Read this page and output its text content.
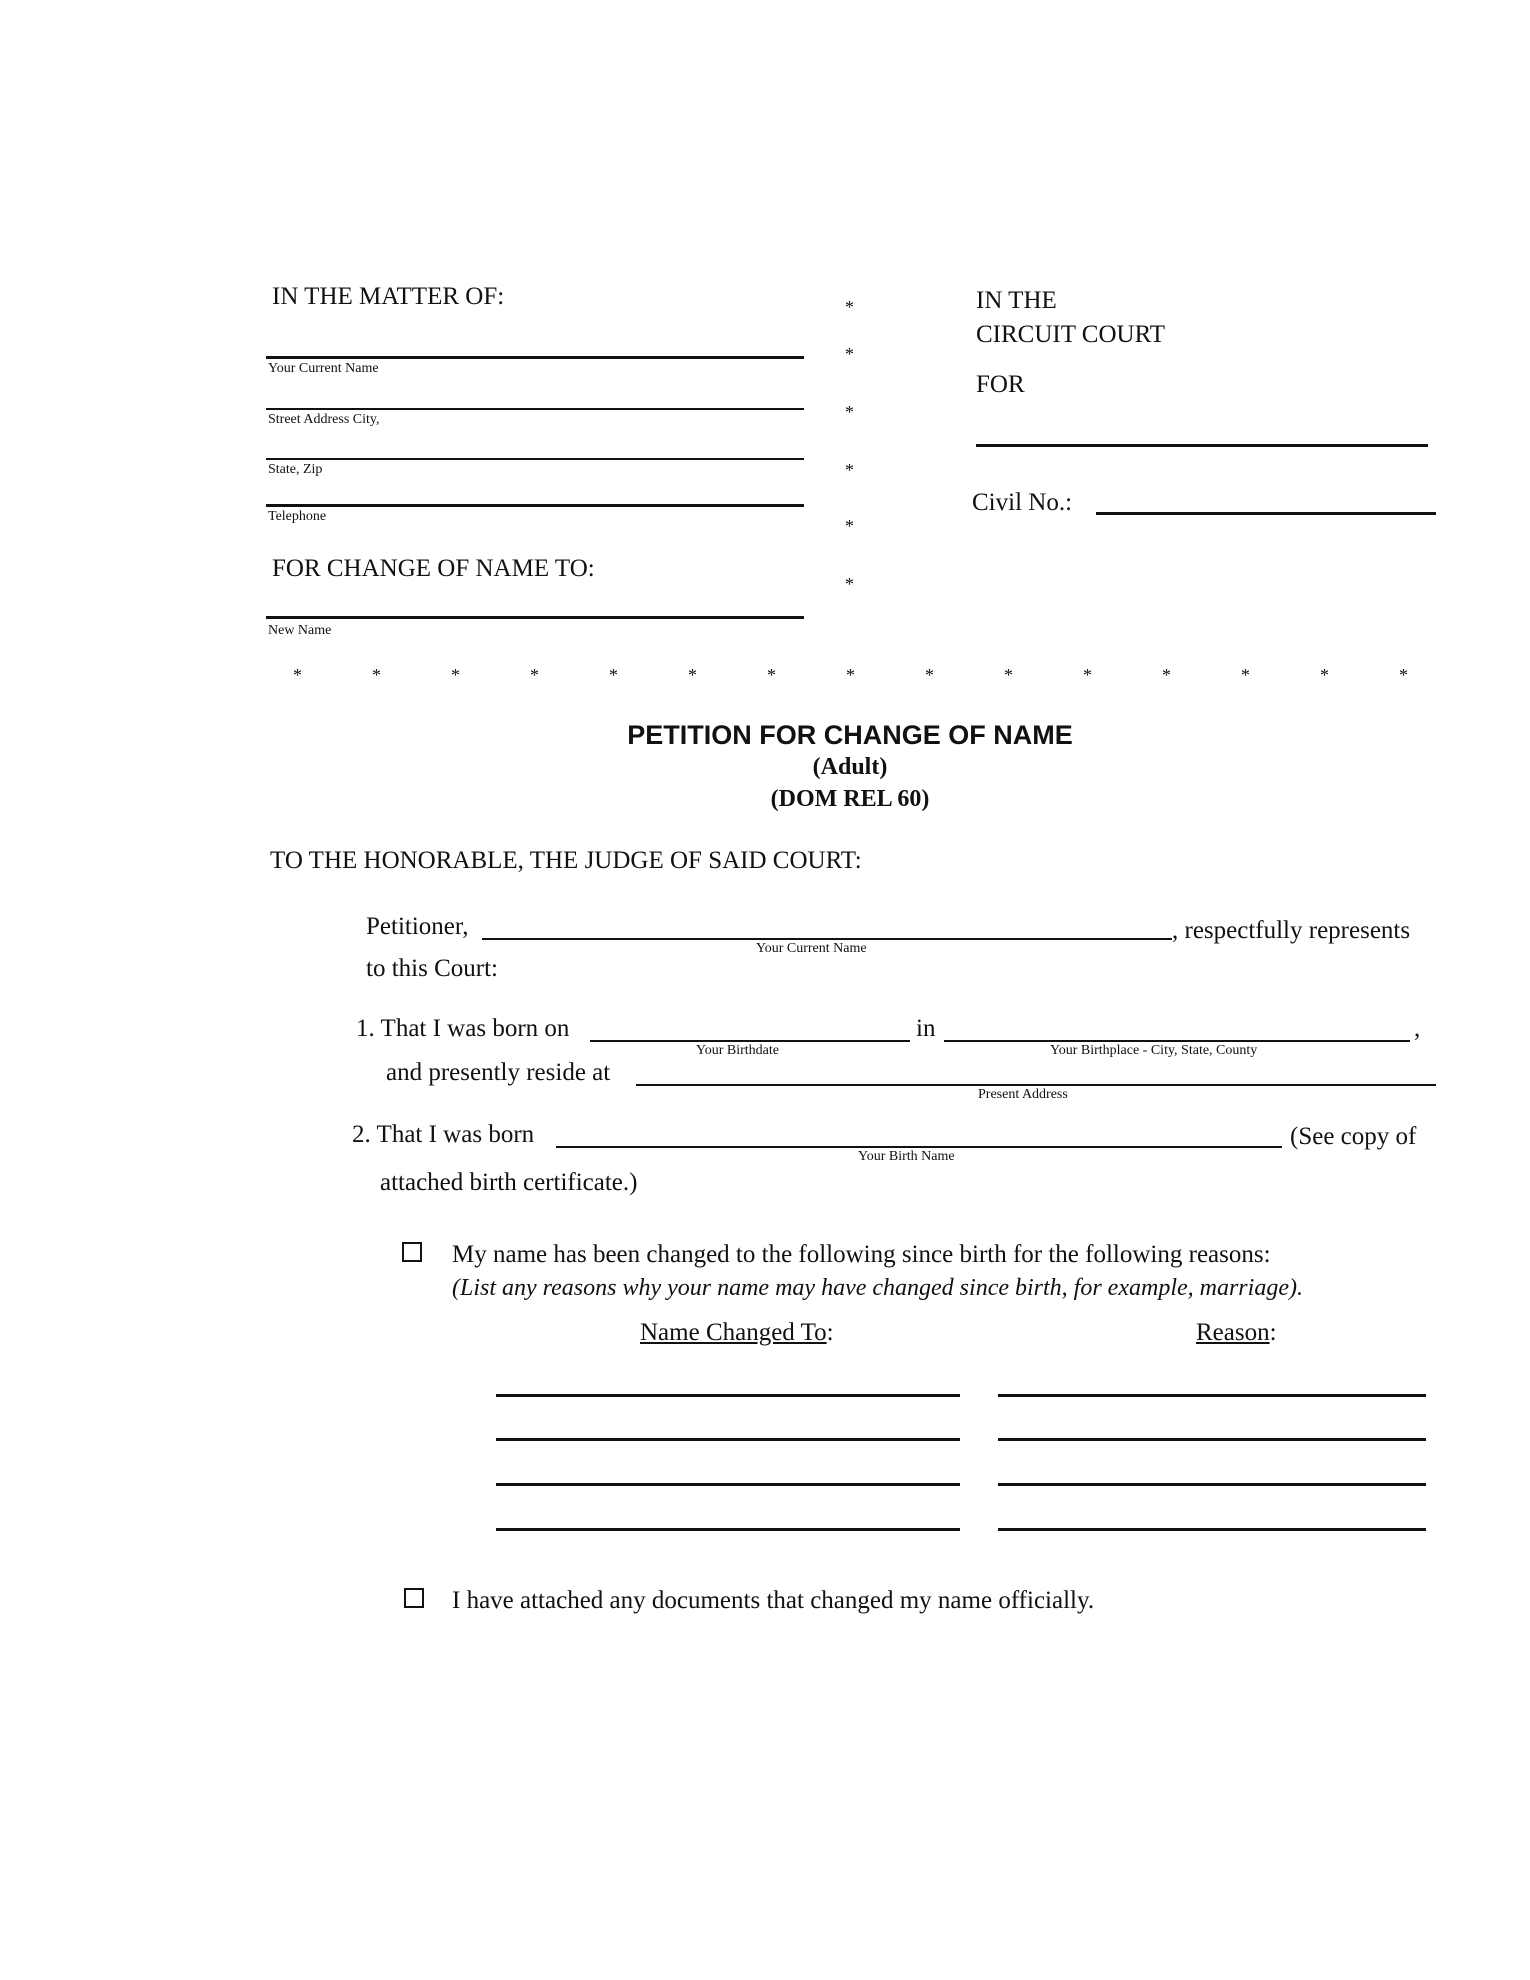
IN THE MATTER OF:
Your Current Name
Street Address City,
State, Zip
Telephone
FOR CHANGE OF NAME TO:
New Name
*
*
*
*
*
*
IN THE
CIRCUIT COURT
FOR
Civil No.:
*	*	*	*	*	*	*	*	*	*	*	*	*	*	*
PETITION FOR CHANGE OF NAME
(Adult)
(DOM REL 60)
TO THE HONORABLE, THE JUDGE OF SAID COURT:
Petitioner,
Your Current Name
, respectfully represents
to this Court:
1. That I was born on
Your Birthdate
in
Your Birthplace - City, State, County
,
and presently reside at
Present Address
2. That I was born
Your Birth Name
(See copy of
attached birth certificate.)
My name has been changed to the following since birth for the following reasons:
(List any reasons why your name may have changed since birth, for example, marriage).
Name Changed To:	Reason:
I have attached any documents that changed my name officially.
